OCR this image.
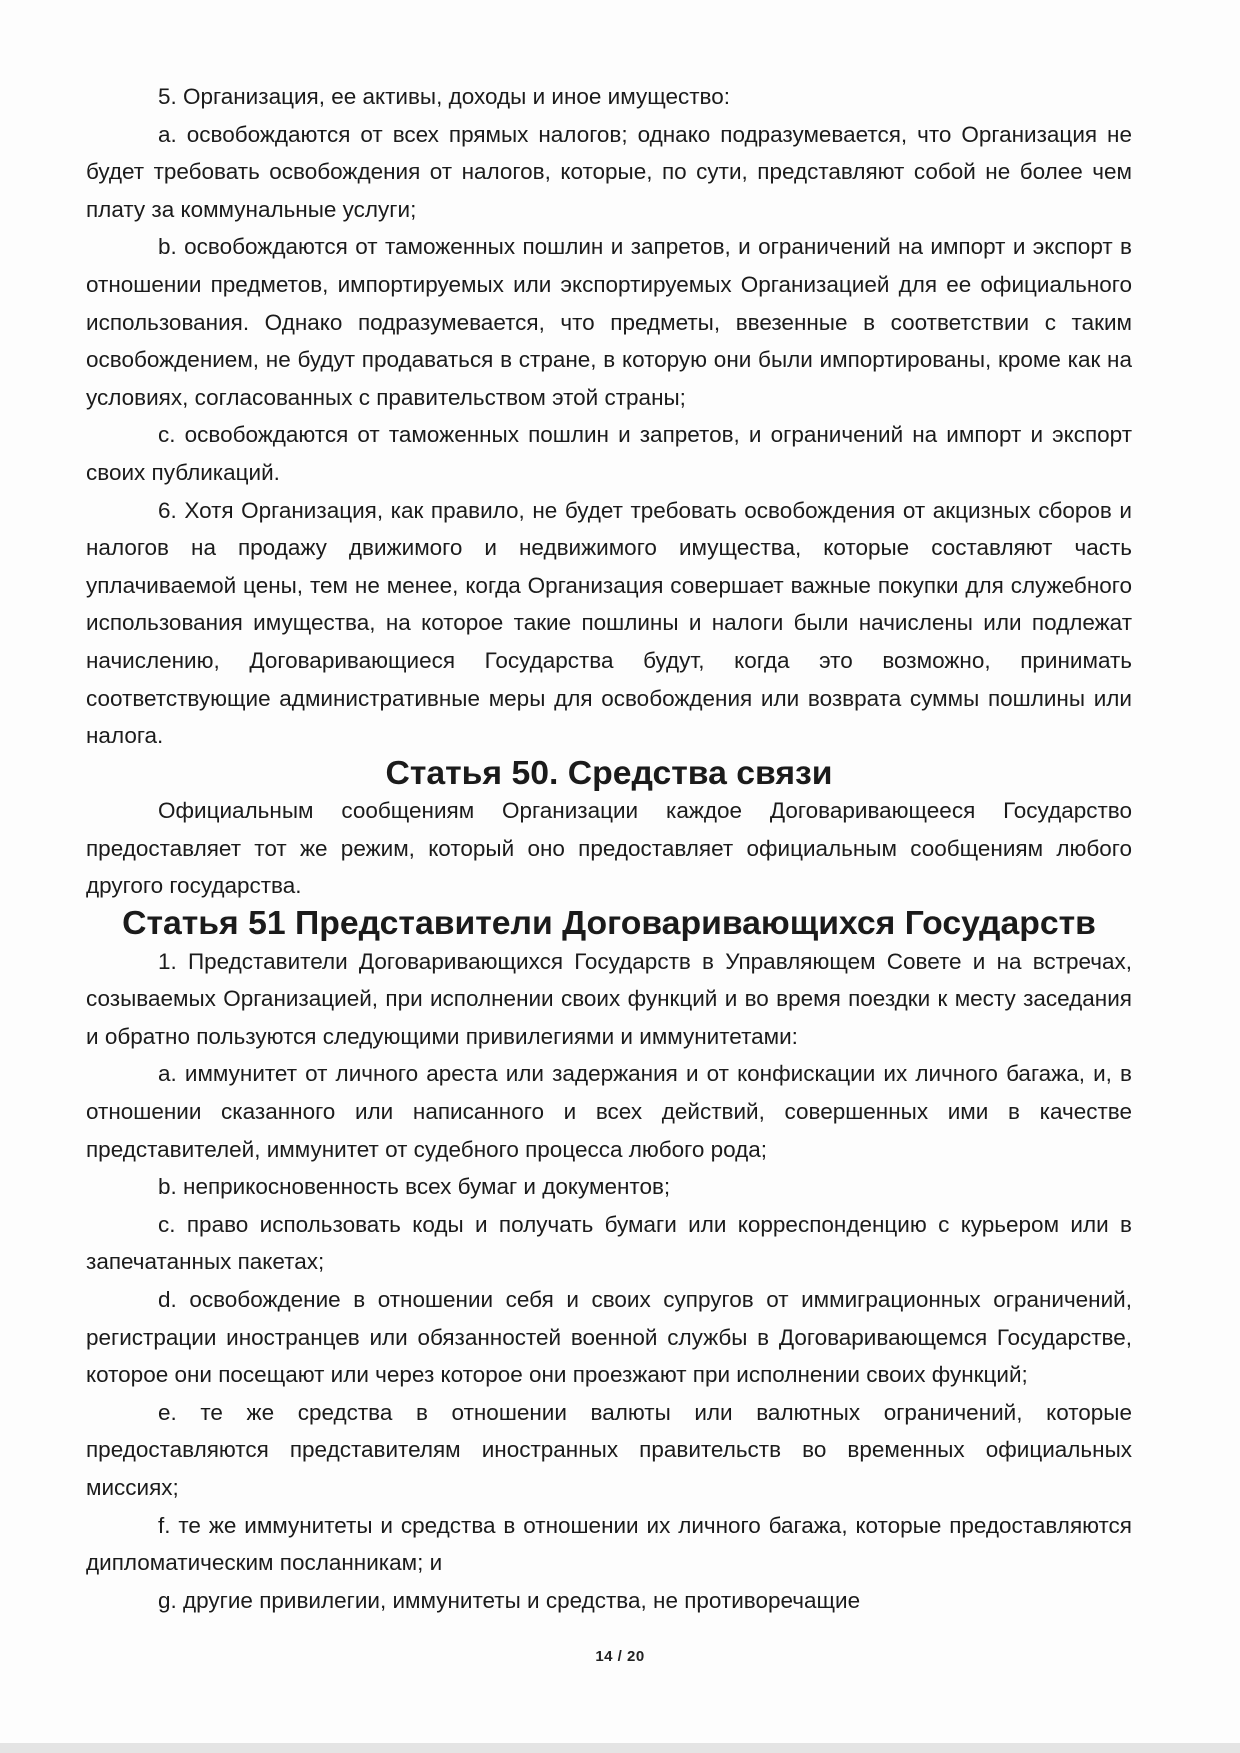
5. Организация, ее активы, доходы и иное имущество:

a. освобождаются от всех прямых налогов; однако подразумевается, что Организация не будет требовать освобождения от налогов, которые, по сути, представляют собой не более чем плату за коммунальные услуги;

b. освобождаются от таможенных пошлин и запретов, и ограничений на импорт и экспорт в отношении предметов, импортируемых или экспортируемых Организацией для ее официального использования. Однако подразумевается, что предметы, ввезенные в соответствии с таким освобождением, не будут продаваться в стране, в которую они были импортированы, кроме как на условиях, согласованных с правительством этой страны;

c. освобождаются от таможенных пошлин и запретов, и ограничений на импорт и экспорт своих публикаций.

6. Хотя Организация, как правило, не будет требовать освобождения от акцизных сборов и налогов на продажу движимого и недвижимого имущества, которые составляют часть уплачиваемой цены, тем не менее, когда Организация совершает важные покупки для служебного использования имущества, на которое такие пошлины и налоги были начислены или подлежат начислению, Договаривающиеся Государства будут, когда это возможно, принимать соответствующие административные меры для освобождения или возврата суммы пошлины или налога.

Статья 50. Средства связи

Официальным сообщениям Организации каждое Договаривающееся Государство предоставляет тот же режим, который оно предоставляет официальным сообщениям любого другого государства.

Статья 51 Представители Договаривающихся Государств

1. Представители Договаривающихся Государств в Управляющем Совете и на встречах, созываемых Организацией, при исполнении своих функций и во время поездки к месту заседания и обратно пользуются следующими привилегиями и иммунитетами:

a. иммунитет от личного ареста или задержания и от конфискации их личного багажа, и, в отношении сказанного или написанного и всех действий, совершенных ими в качестве представителей, иммунитет от судебного процесса любого рода;

b. неприкосновенность всех бумаг и документов;

c. право использовать коды и получать бумаги или корреспонденцию с курьером или в запечатанных пакетах;

d. освобождение в отношении себя и своих супругов от иммиграционных ограничений, регистрации иностранцев или обязанностей военной службы в Договаривающемся Государстве, которое они посещают или через которое они проезжают при исполнении своих функций;

e. те же средства в отношении валюты или валютных ограничений, которые предоставляются представителям иностранных правительств во временных официальных миссиях;

f. те же иммунитеты и средства в отношении их личного багажа, которые предоставляются дипломатическим посланникам; и

g. другие привилегии, иммунитеты и средства, не противоречащие

14 / 20
